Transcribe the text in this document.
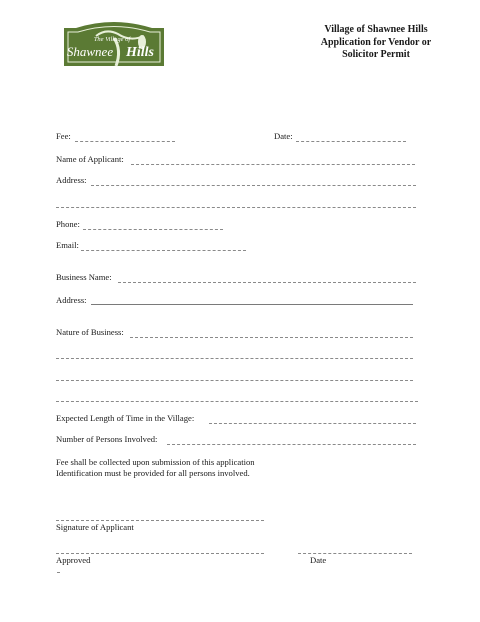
The Village of
Shawnee Hills
Village of Shawnee Hills
Application for Vendor or
Solicitor Permit
Fee:	Date:
Name of Applicant:
Address:
Phone:
Email:
Business Name:
Address:
Nature of Business:
Expected Length of Time in the Village:
Number of Persons Involved:
Fee shall be collected upon submission of this application
Identification must be provided for all persons involved.
Signature of Applicant
Approved	Date
